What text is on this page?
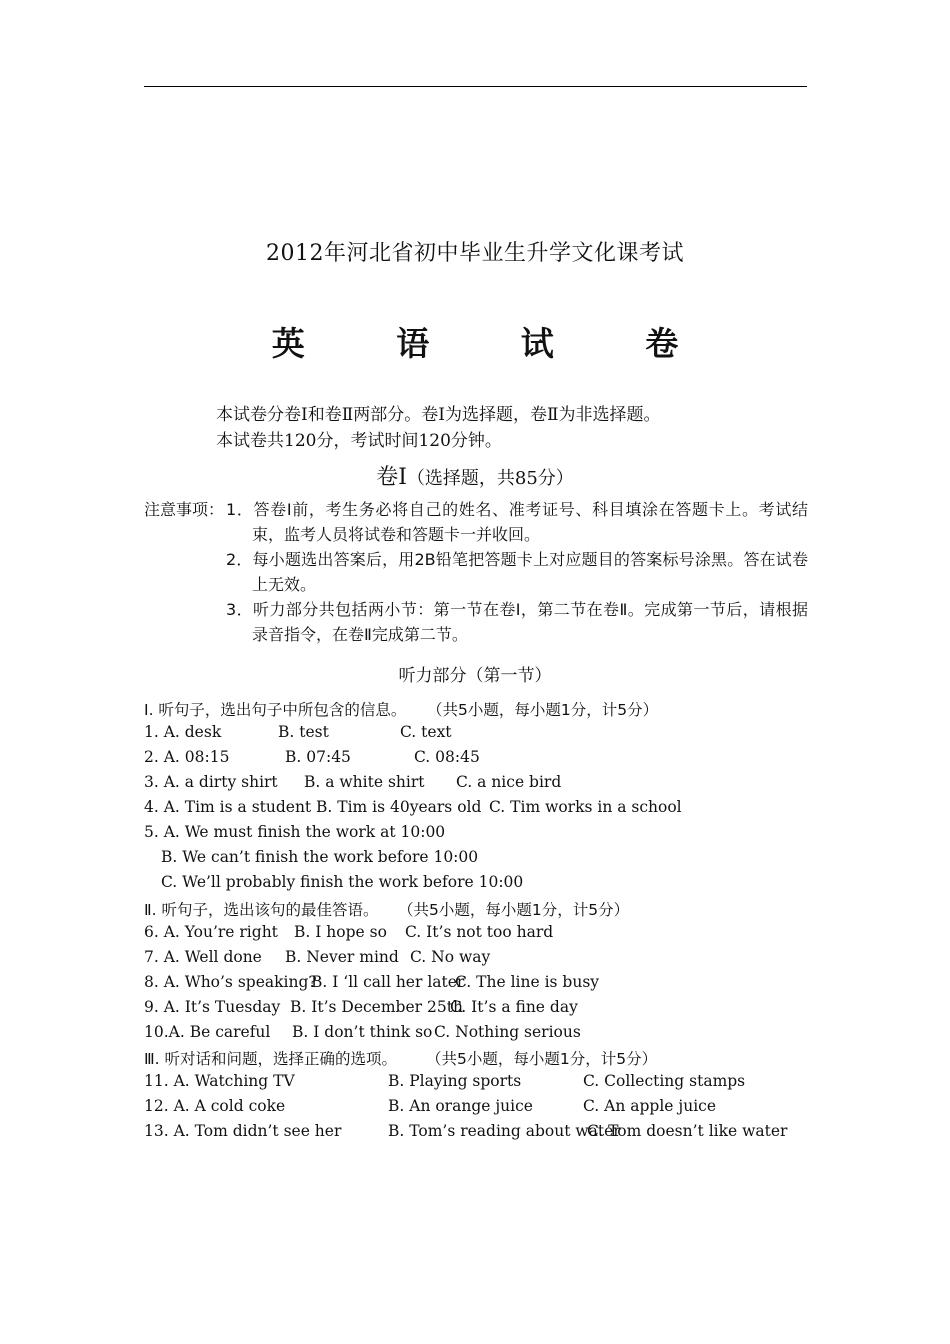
2012年河北省初中毕业生升学文化课考试
英 语 试 卷
本试卷分卷Ⅰ和卷Ⅱ两部分。卷Ⅰ为选择题，卷Ⅱ为非选择题。
本试卷共120分，考试时间120分钟。
卷Ⅰ（选择题，共85分）
注意事项： 1．答卷Ⅰ前，考生务必将自己的姓名、准考证号、科目填涂在答题卡上。考试结束，监考人员将试卷和答题卡一并收回。
2．每小题选出答案后，用2B铅笔把答题卡上对应题目的答案标号涂黑。答在试卷上无效。
3．听力部分共包括两小节：第一节在卷Ⅰ，第二节在卷Ⅱ。完成第一节后，请根据录音指令，在卷Ⅱ完成第二节。
听力部分（第一节）
Ⅰ. 听句子，选出句子中所包含的信息。 （共5小题，每小题1分，计5分）
1. A. desk	B. test	C. text
2. A. 08:15	B. 07:45	C. 08:45
3. A. a dirty shirt B. a white shirt C. a nice bird
4. A. Tim is a student B. Tim is 40years old C. Tim works in a school
5. A. We must finish the work at 10:00
B. We can’t finish the work before 10:00
C. We’ll probably finish the work before 10:00
Ⅱ. 听句子，选出该句的最佳答语。 （共5小题，每小题1分，计5分）
6. A. You’re right B. I hope so C. It’s not too hard
7. A. Well done B. Never mind C. No way
8. A. Who’s speaking?
B. I ‘ll call her later
C. The line is busy
9. A. It’s Tuesday B. It’s December 25th
C. It’s a fine day
10.A. Be careful B. I don’t think so C. Nothing serious
Ⅲ. 听对话和问题，选择正确的选项。 （共5小题，每小题1分，计5分）
11. A. Watching TV	B. Playing sports	C. Collecting stamps
12. A. A cold coke	B. An orange juice	C. An apple juice
13. A. Tom didn’t see her	B. Tom’s reading about water
C. Tom doesn’t like water
